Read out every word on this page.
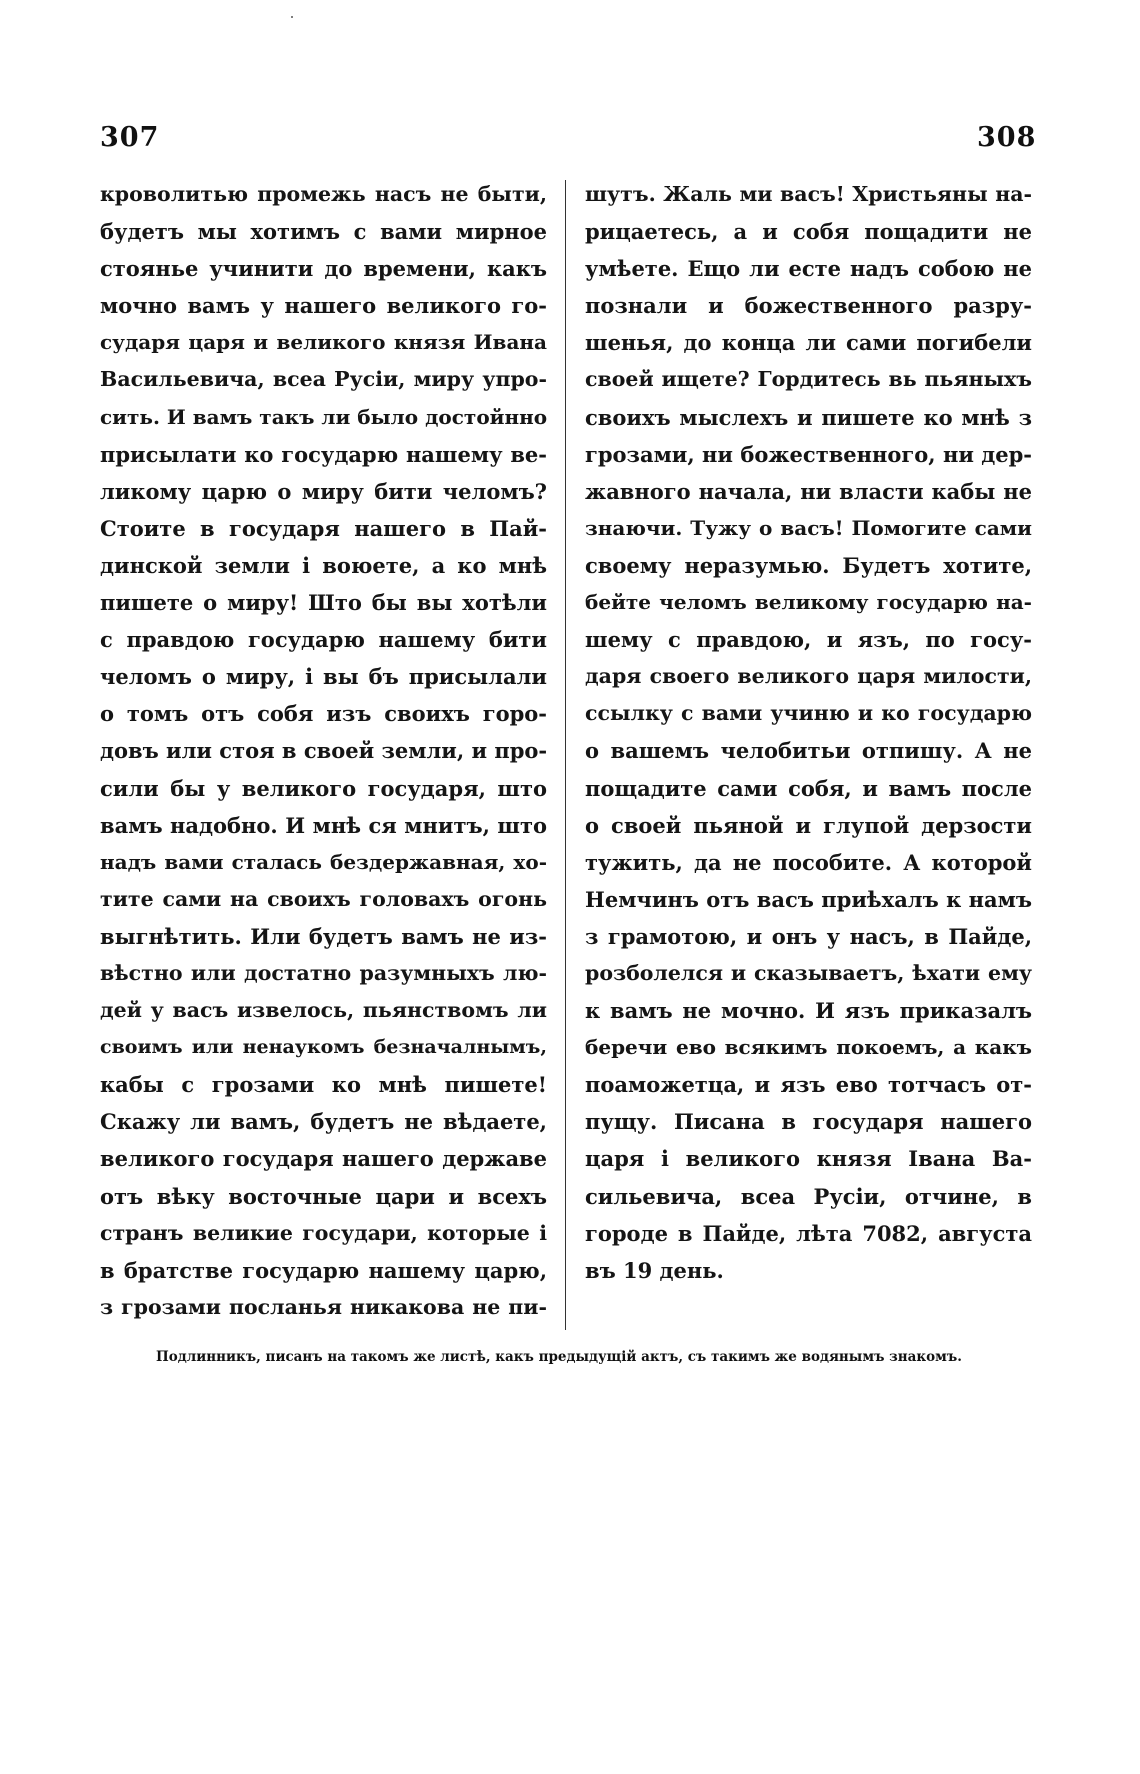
307	308
кроволитью промежь насъ не быти,
будетъ мы хотимъ с вами мирное
стоянье учинити до времени, какъ
мочно вамъ у нашего великого го-
сударя царя и великого князя Ивана
Васильевича, всеа Русіи, миру упро-
сить. И вамъ такъ ли было достойнно
присылати ко государю нашему ве-
ликому царю о миру бити челомъ?
Стоите в государя нашего в Пай-
динской земли і воюете, а ко мнѣ
пишете о миру! Што бы вы хотѣли
с правдою государю нашему бити
челомъ о миру, і вы бъ присылали
о томъ отъ собя изъ своихъ горо-
довъ или стоя в своей земли, и про-
сили бы у великого государя, што
вамъ надобно. И мнѣ ся мнитъ, што
надъ вами сталась бездержавная, хо-
тите сами на своихъ головахъ огонь
выгнѣтить. Или будетъ вамъ не из-
вѣстно или достатно разумныхъ лю-
дей у васъ извелось, пьянствомъ ли
своимъ или ненаукомъ безначалнымъ,
кабы с грозами ко мнѣ пишете!
Скажу ли вамъ, будетъ не вѣдаете,
великого государя нашего державе
отъ вѣку восточные цари и всехъ
странъ великие государи, которые і
в братстве государю нашему царю,
з грозами посланья никакова не пи-
шутъ. Жаль ми васъ! Христьяны на-
рицаетесь, а и собя пощадити не
умѣете. Ещо ли есте надъ собою не
познали и божественного разру-
шенья, до конца ли сами погибели
своей ищете? Гордитесь вь пьяныхъ
своихъ мыслехъ и пишете ко мнѣ з
грозами, ни божественного, ни дер-
жавного начала, ни власти кабы не
знаючи. Тужу о васъ! Помогите сами
своему неразумью. Будетъ хотите,
бейте челомъ великому государю на-
шему с правдою, и язъ, по госу-
даря своего великого царя милости,
ссылку с вами учиню и ко государю
о вашемъ челобитьи отпишу. А не
пощадите сами собя, и вамъ после
о своей пьяной и глупой дерзости
тужить, да не пособите. А которой
Немчинъ отъ васъ приѣхалъ к намъ
з грамотою, и онъ у насъ, в Пайде,
розболелся и сказываетъ, ѣхати ему
к вамъ не мочно. И язъ приказалъ
беречи ево всякимъ покоемъ, а какъ
поаможетца, и язъ ево тотчасъ от-
пущу. Писана в государя нашего
царя і великого князя Івана Ва-
сильевича, всеа Русіи, отчине, в
городе в Пайде, лѣта 7082, августа
въ 19 день.
Подлинникъ, писанъ на такомъ же листѣ, какъ предыдущій актъ, съ такимъ же водянымъ знакомъ.
